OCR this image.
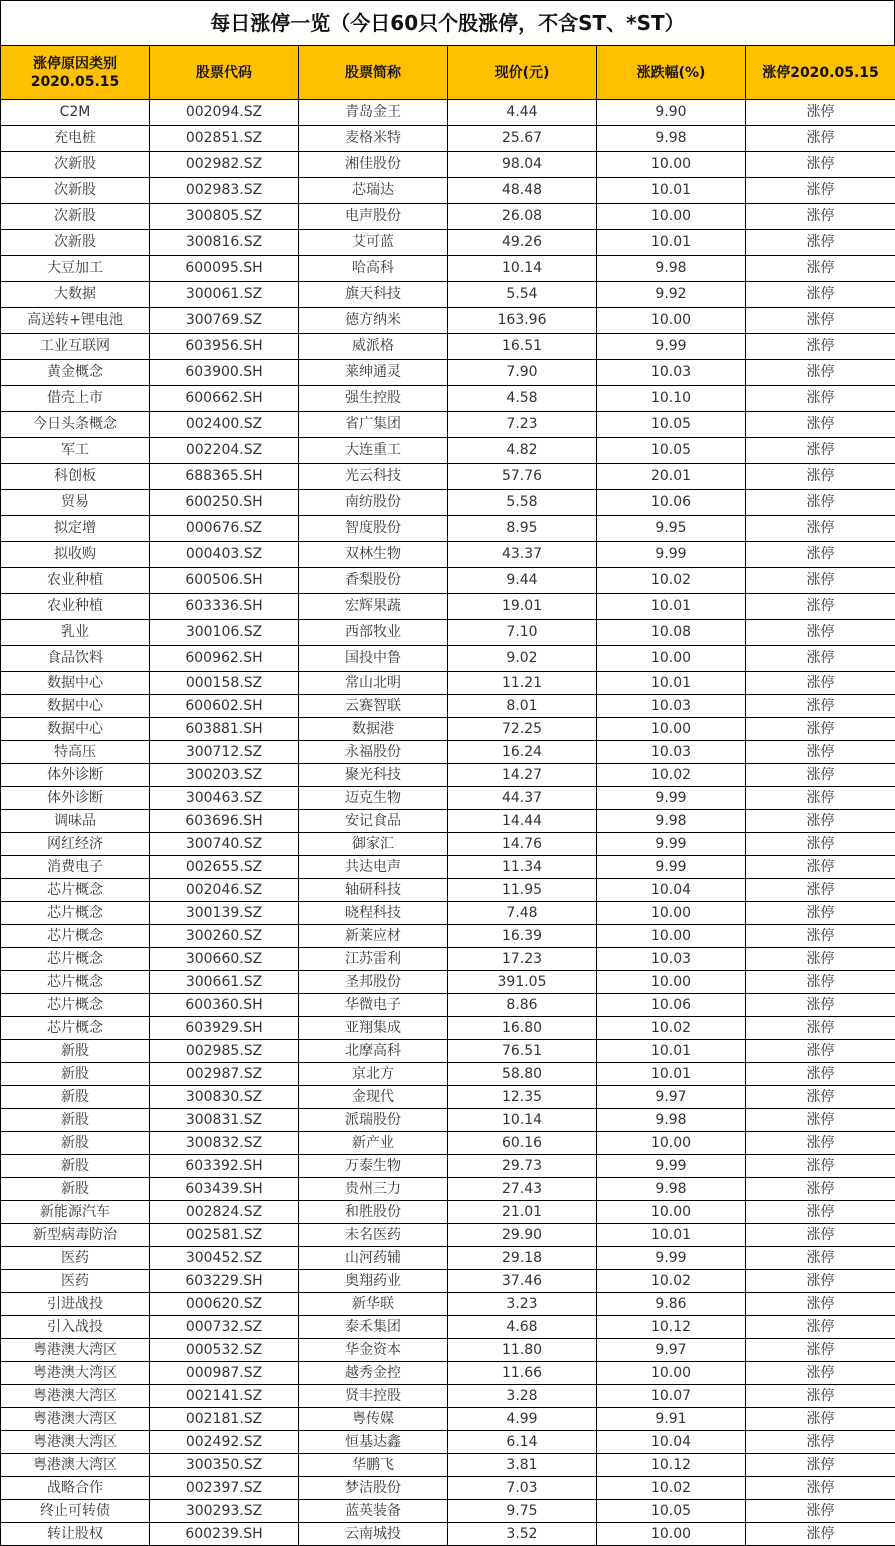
每日涨停一览（今日60只个股涨停，不含ST、*ST）
涨停原因类别
2020.05.15	股票代码	股票简称	现价(元)	涨跌幅(%)	涨停2020.05.15
C2M	002094.SZ	青岛金王	4.44	9.90	涨停
充电桩	002851.SZ	麦格米特	25.67	9.98	涨停
次新股	002982.SZ	湘佳股份	98.04	10.00	涨停
次新股	002983.SZ	芯瑞达	48.48	10.01	涨停
次新股	300805.SZ	电声股份	26.08	10.00	涨停
次新股	300816.SZ	艾可蓝	49.26	10.01	涨停
大豆加工	600095.SH	哈高科	10.14	9.98	涨停
大数据	300061.SZ	旗天科技	5.54	9.92	涨停
高送转+锂电池	300769.SZ	德方纳米	163.96	10.00	涨停
工业互联网	603956.SH	威派格	16.51	9.99	涨停
黄金概念	603900.SH	莱绅通灵	7.90	10.03	涨停
借壳上市	600662.SH	强生控股	4.58	10.10	涨停
今日头条概念	002400.SZ	省广集团	7.23	10.05	涨停
军工	002204.SZ	大连重工	4.82	10.05	涨停
科创板	688365.SH	光云科技	57.76	20.01	涨停
贸易	600250.SH	南纺股份	5.58	10.06	涨停
拟定增	000676.SZ	智度股份	8.95	9.95	涨停
拟收购	000403.SZ	双林生物	43.37	9.99	涨停
农业种植	600506.SH	香梨股份	9.44	10.02	涨停
农业种植	603336.SH	宏辉果蔬	19.01	10.01	涨停
乳业	300106.SZ	西部牧业	7.10	10.08	涨停
食品饮料	600962.SH	国投中鲁	9.02	10.00	涨停
数据中心	000158.SZ	常山北明	11.21	10.01	涨停
数据中心	600602.SH	云赛智联	8.01	10.03	涨停
数据中心	603881.SH	数据港	72.25	10.00	涨停
特高压	300712.SZ	永福股份	16.24	10.03	涨停
体外诊断	300203.SZ	聚光科技	14.27	10.02	涨停
体外诊断	300463.SZ	迈克生物	44.37	9.99	涨停
调味品	603696.SH	安记食品	14.44	9.98	涨停
网红经济	300740.SZ	御家汇	14.76	9.99	涨停
消费电子	002655.SZ	共达电声	11.34	9.99	涨停
芯片概念	002046.SZ	轴研科技	11.95	10.04	涨停
芯片概念	300139.SZ	晓程科技	7.48	10.00	涨停
芯片概念	300260.SZ	新莱应材	16.39	10.00	涨停
芯片概念	300660.SZ	江苏雷利	17.23	10.03	涨停
芯片概念	300661.SZ	圣邦股份	391.05	10.00	涨停
芯片概念	600360.SH	华微电子	8.86	10.06	涨停
芯片概念	603929.SH	亚翔集成	16.80	10.02	涨停
新股	002985.SZ	北摩高科	76.51	10.01	涨停
新股	002987.SZ	京北方	58.80	10.01	涨停
新股	300830.SZ	金现代	12.35	9.97	涨停
新股	300831.SZ	派瑞股份	10.14	9.98	涨停
新股	300832.SZ	新产业	60.16	10.00	涨停
新股	603392.SH	万泰生物	29.73	9.99	涨停
新股	603439.SH	贵州三力	27.43	9.98	涨停
新能源汽车	002824.SZ	和胜股份	21.01	10.00	涨停
新型病毒防治	002581.SZ	未名医药	29.90	10.01	涨停
医药	300452.SZ	山河药辅	29.18	9.99	涨停
医药	603229.SH	奥翔药业	37.46	10.02	涨停
引进战投	000620.SZ	新华联	3.23	9.86	涨停
引入战投	000732.SZ	泰禾集团	4.68	10.12	涨停
粤港澳大湾区	000532.SZ	华金资本	11.80	9.97	涨停
粤港澳大湾区	000987.SZ	越秀金控	11.66	10.00	涨停
粤港澳大湾区	002141.SZ	贤丰控股	3.28	10.07	涨停
粤港澳大湾区	002181.SZ	粤传媒	4.99	9.91	涨停
粤港澳大湾区	002492.SZ	恒基达鑫	6.14	10.04	涨停
粤港澳大湾区	300350.SZ	华鹏飞	3.81	10.12	涨停
战略合作	002397.SZ	梦洁股份	7.03	10.02	涨停
终止可转债	300293.SZ	蓝英装备	9.75	10.05	涨停
转让股权	600239.SH	云南城投	3.52	10.00	涨停
